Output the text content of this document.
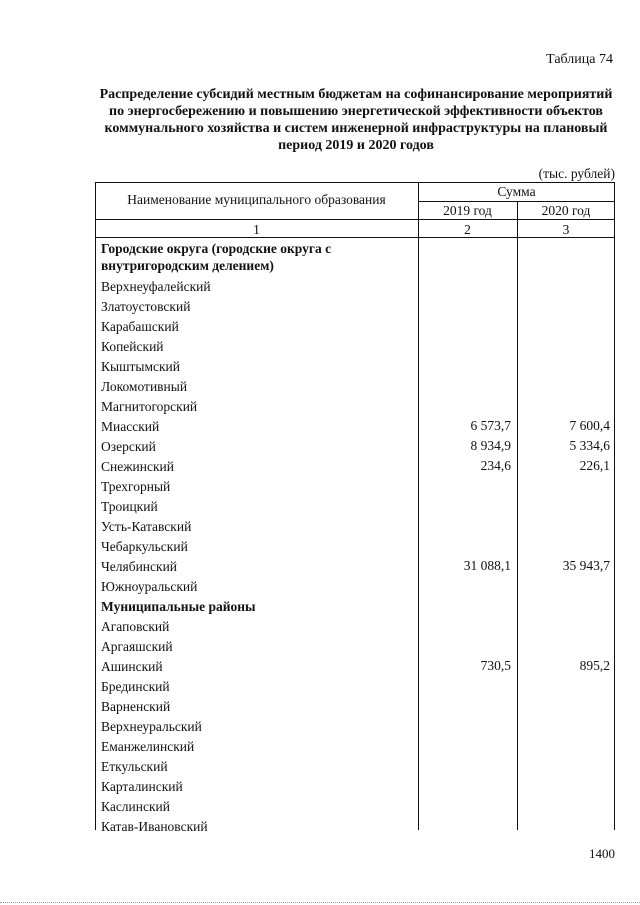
Таблица 74
Распределение субсидий местным бюджетам на софинансирование мероприятий
по энергосбережению и повышению энергетической эффективности объектов
коммунального хозяйства и систем инженерной инфраструктуры на плановый
период 2019 и 2020 годов
(тыс. рублей)
Наименование муниципального образования
Сумма
2019 год	2020 год
1	2	3
Городские округа (городские округа с
внутригородским делением)
Верхнеуфалейский
Златоустовский
Карабашский
Копейский
Кыштымский
Локомотивный
Магнитогорский
Миасский	6 573,7	7 600,4
Озерский	8 934,9	5 334,6
Снежинский	234,6	226,1
Трехгорный
Троицкий
Усть-Катавский
Чебаркульский
Челябинский	31 088,1	35 943,7
Южноуральский
Муниципальные районы
Агаповский
Аргаяшский
Ашинский	730,5	895,2
Брединский
Варненский
Верхнеуральский
Еманжелинский
Еткульский
Карталинский
Каслинский
Катав-Ивановский
1400
